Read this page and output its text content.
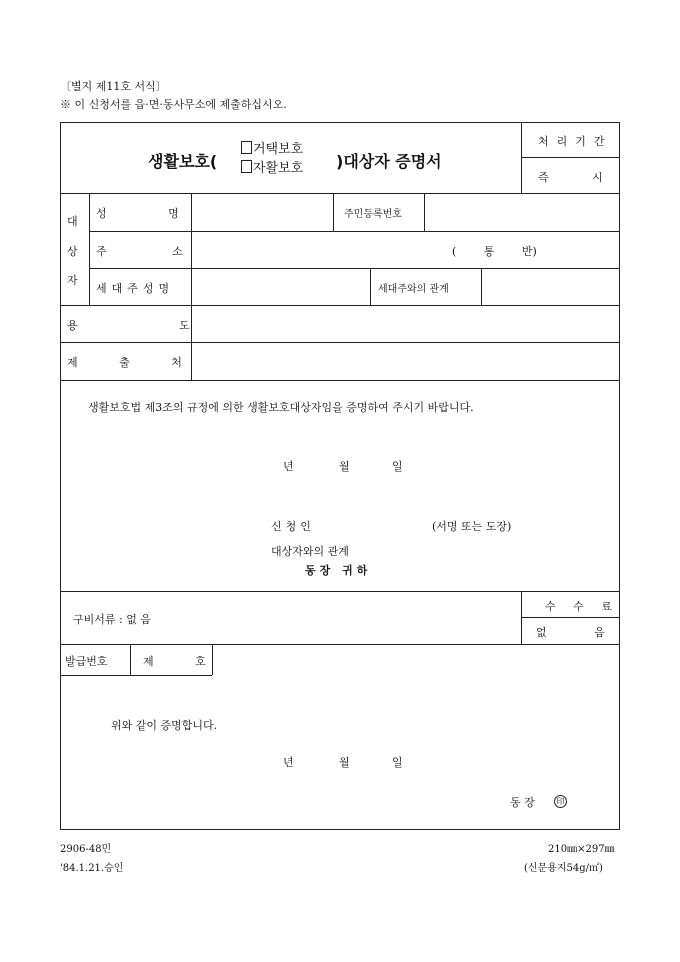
〔별지 제11호 서식〕
※ 이 신청서를 읍·면·동사무소에 제출하십시오.
생활보호(
거택보호
자활보호 )대상자 증명서
처리기간
즉 시
대
상
자
성 명	주민등록번호
주 소	( 통 반)
세대주성명	세대주와의 관계
용 도
제 출 처
생활보호법 제3조의 규정에 의한 생활보호대상자임을 증명하여 주시기 바랍니다.
년	월	일
신청인	(서명 또는 도장)
대상자와의 관계
동장 귀하
구비서류 : 없 음
수 수 료
없 음
발급번호	제 호
위와 같이 증명합니다.
년	월	일
동 장	印
2906-48민
'84.1.21.승인
210㎜×297㎜
(신문용지54g/㎡)
